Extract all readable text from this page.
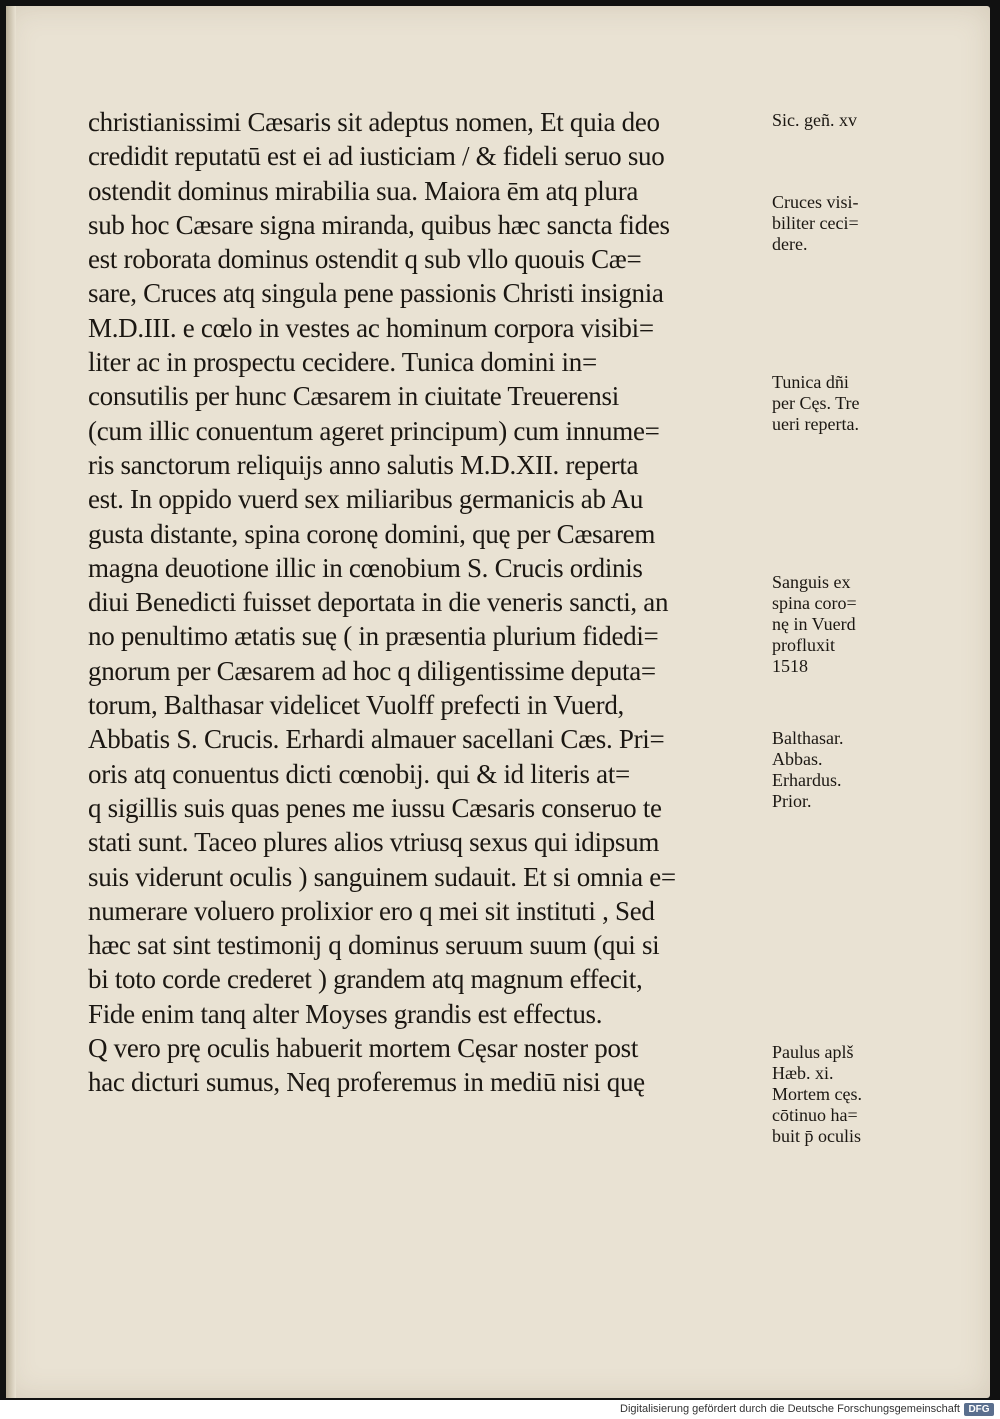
christianissimi Cæsaris sit adeptus nomen, Et quia deo
credidit reputatū est ei ad iusticiam / & fideli seruo suo
ostendit dominus mirabilia sua. Maiora ēm atq plura
sub hoc Cæsare signa miranda, quibus hæc sancta fides
est roborata dominus ostendit q sub vllo quouis Cæ=
sare, Cruces atq singula pene passionis Christi insignia
M.D.III. e cœlo in vestes ac hominum corpora visibi=
liter ac in prospectu cecidere. Tunica domini in=
consutilis per hunc Cæsarem in ciuitate Treuerensi
(cum illic conuentum ageret principum) cum innume=
ris sanctorum reliquijs anno salutis M.D.XII. reperta
est. In oppido vuerd sex miliaribus germanicis ab Au
gusta distante, spina coronę domini, quę per Cæsarem
magna deuotione illic in cœnobium S. Crucis ordinis
diui Benedicti fuisset deportata in die veneris sancti, an
no penultimo ætatis suę ( in præsentia plurium fidedi=
gnorum per Cæsarem ad hoc q diligentissime deputa=
torum, Balthasar videlicet Vuolff prefecti in Vuerd,
Abbatis S. Crucis. Erhardi almauer sacellani Cæs. Pri=
oris atq conuentus dicti cœnobij. qui & id literis at=
q sigillis suis quas penes me iussu Cæsaris conseruo te
stati sunt. Taceo plures alios vtriusq sexus qui idipsum
suis viderunt oculis ) sanguinem sudauit. Et si omnia e=
numerare voluero prolixior ero q mei sit instituti , Sed
hæc sat sint testimonij q dominus seruum suum (qui si
bi toto corde crederet ) grandem atq magnum effecit,
Fide enim tanq alter Moyses grandis est effectus.
Q vero prę oculis habuerit mortem Cęsar noster post
hac dicturi sumus, Neq proferemus in mediū nisi quę
Sic. geñ. xv
Cruces visi-
biliter ceci=
dere.
Tunica dñi
per Cęs. Tre
ueri reperta.
Sanguis ex
spina coro=
nę in Vuerd
profluxit
1518
Balthasar.
Abbas.
Erhardus.
Prior.
Paulus aplš
Hæb. xi.
Mortem cęs.
cōtinuo ha=
buit p̄ oculis
Digitalisierung gefördert durch die Deutsche Forschungsgemeinschaft DFG
